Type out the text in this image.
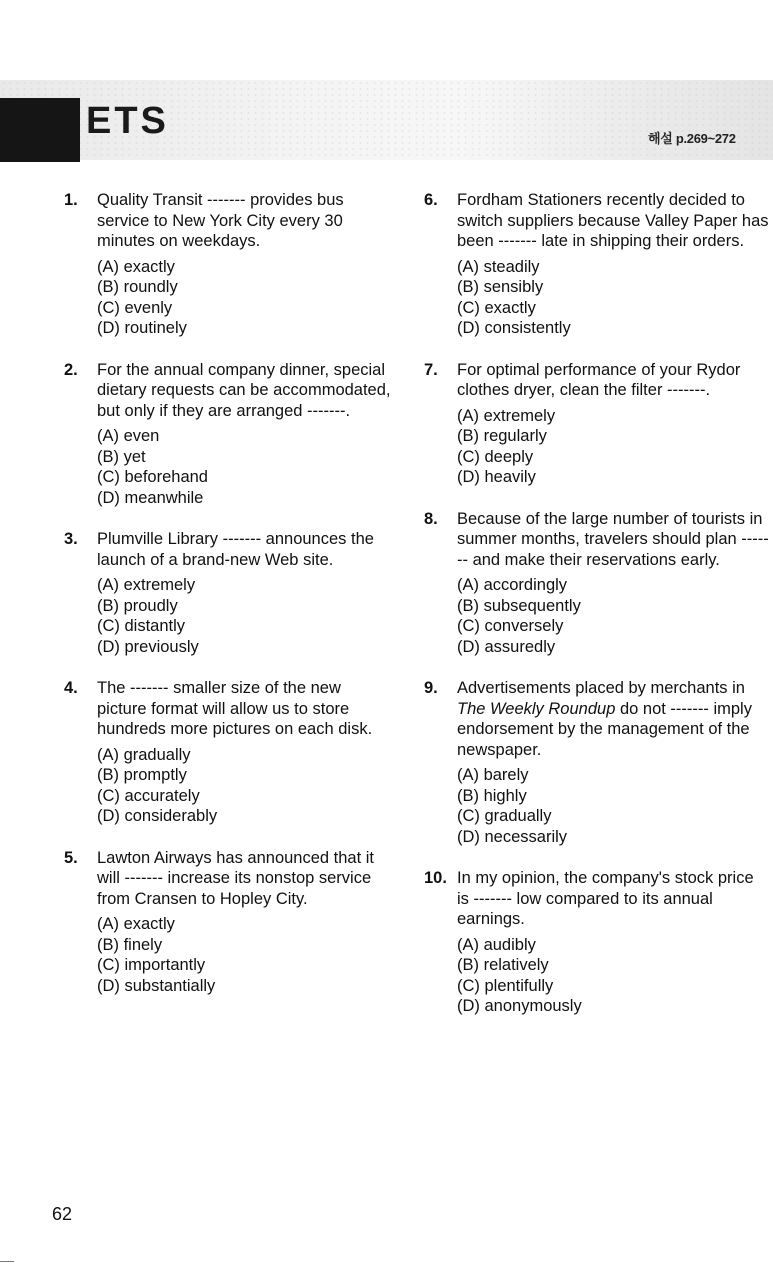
ETS	해설 p.269~272
1. Quality Transit ------- provides bus service to New York City every 30 minutes on weekdays.
(A) exactly
(B) roundly
(C) evenly
(D) routinely
2. For the annual company dinner, special dietary requests can be accommodated, but only if they are arranged -------.
(A) even
(B) yet
(C) beforehand
(D) meanwhile
3. Plumville Library ------- announces the launch of a brand-new Web site.
(A) extremely
(B) proudly
(C) distantly
(D) previously
4. The ------- smaller size of the new picture format will allow us to store hundreds more pictures on each disk.
(A) gradually
(B) promptly
(C) accurately
(D) considerably
5. Lawton Airways has announced that it will ------- increase its nonstop service from Cransen to Hopley City.
(A) exactly
(B) finely
(C) importantly
(D) substantially
6. Fordham Stationers recently decided to switch suppliers because Valley Paper has been ------- late in shipping their orders.
(A) steadily
(B) sensibly
(C) exactly
(D) consistently
7. For optimal performance of your Rydor clothes dryer, clean the filter -------.
(A) extremely
(B) regularly
(C) deeply
(D) heavily
8. Because of the large number of tourists in summer months, travelers should plan ------- and make their reservations early.
(A) accordingly
(B) subsequently
(C) conversely
(D) assuredly
9. Advertisements placed by merchants in The Weekly Roundup do not ------- imply endorsement by the management of the newspaper.
(A) barely
(B) highly
(C) gradually
(D) necessarily
10. In my opinion, the company's stock price is ------- low compared to its annual earnings.
(A) audibly
(B) relatively
(C) plentifully
(D) anonymously
62
